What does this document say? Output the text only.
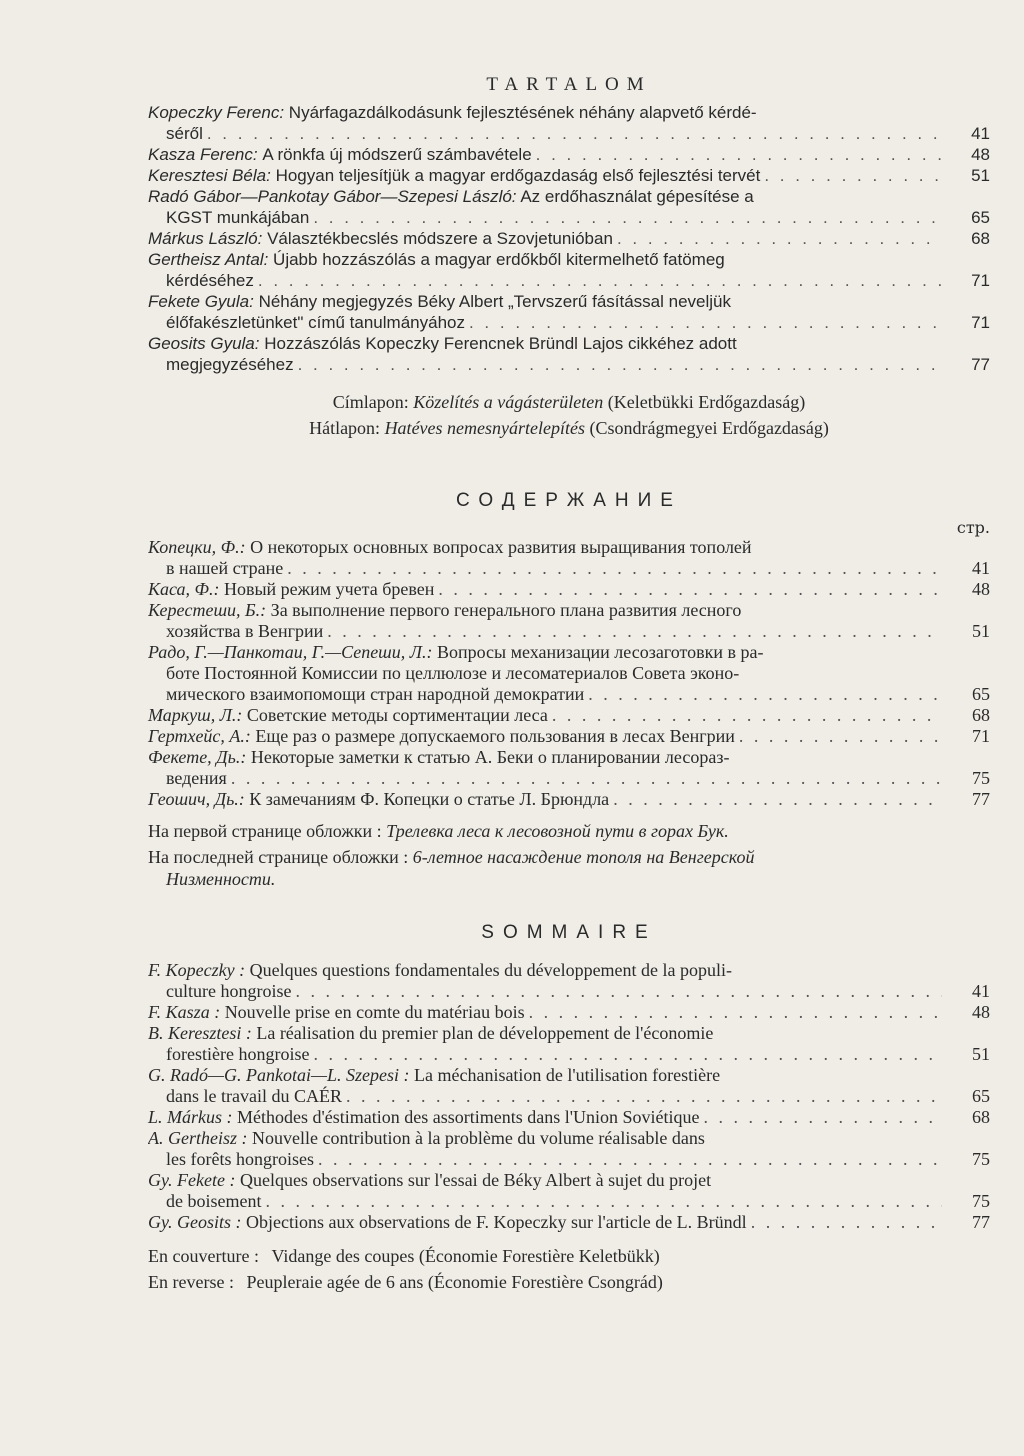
TARTALOM
Kopeczky Ferenc: Nyárfagazdálkodásunk fejlesztésének néhány alapvető kérdé-
séről . . .	41
Kasza Ferenc:
A rönkfa új módszerű számbavétele . . .	48
Keresztesi Béla:
Hogyan teljesítjük a magyar erdőgazdaság első fejlesztési tervét . . .	51
Radó Gábor—Pankotay Gábor—Szepesi László: Az erdőhasználat gépesítése a
KGST munkájában . . .	65
Márkus László:
Választékbecslés módszere a Szovjetunióban . . .	68
Gertheisz Antal: Újabb hozzászólás a magyar erdőkből kitermelhető fatömeg
kérdéséhez . . .	71
Fekete Gyula: Néhány megjegyzés Béky Albert „Tervszerű fásítással neveljük
élőfakészletünket" című tanulmányához . . .	71
Geosits Gyula: Hozzászólás Kopeczky Ferencnek Bründl Lajos cikkéhez adott
megjegyzéséhez . . .	77
Címlapon: Közelítés a vágásterületen (Keletbükki Erdőgazdaság)
Hátlapon: Hatéves nemesnyártelepítés (Csondrágmegyei Erdőgazdaság)
СОДЕРЖАНИЕ
стр.
Копецки, Ф.: О некоторых основных вопросах развития выращивания тополей
в нашей стране . . .	41
Каса, Ф.:
Новый режим учета бревен . . .	48
Кереcтеши, Б.: За выполнение первого генерального плана развития лесного
хозяйства в Венгрии . . .	51
Радо, Г.—Панкотаи, Г.—Сепеши, Л.: Вопросы механизации лесозаготовки в ра-
боте Постоянной Комиссии по целлюлозе и лесоматериалов Совета эконо-
мического взаимопомощи стран народной демократии . . .	65
Маркуш, Л.:
Советские методы сортиментации леса . . .	68
Гертхейс, А.:
Еще раз о размере допускаемого пользования в лесах Венгрии . . .	71
Фекете, Дь.: Некоторые заметки к статью А. Беки о планировании лесораз-
ведения . . .	75
Геошич, Дь.:
К замечаниям Ф. Копецки о статье Л. Брюндла . . .	77
На первой странице обложки : Трелевка леса к лесовозной пути в горах Бук.
На последней странице обложки : 6-летное насаждение тополя на Венгерской
Низменности.
SOMMAIRE
F. Kopeczky : Quelques questions fondamentales du développement de la populi-
culture hongroise . . .	41
F. Kasza :
Nouvelle prise en comte du matériau bois . . .	48
B. Keresztesi : La réalisation du premier plan de développement de l'économie
forestière hongroise . . .	51
G. Radó—G. Pankotai—L. Szepesi : La méchanisation de l'utilisation forestière
dans le travail du CAÉR . . .	65
L. Márkus :
Méthodes d'éstimation des assortiments dans l'Union Soviétique . . .	68
A. Gertheisz : Nouvelle contribution à la problème du volume réalisable dans
les forêts hongroises . . .	75
Gy. Fekete : Quelques observations sur l'essai de Béky Albert à sujet du projet
de boisement . . .	75
Gy. Geosits :
Objections aux observations de F. Kopeczky sur l'article de L. Bründl . . .	77
En couverture : Vidange des coupes (Économie Forestière Keletbükk)
En reverse : Peupleraie agée de 6 ans (Économie Forestière Csongrád)
